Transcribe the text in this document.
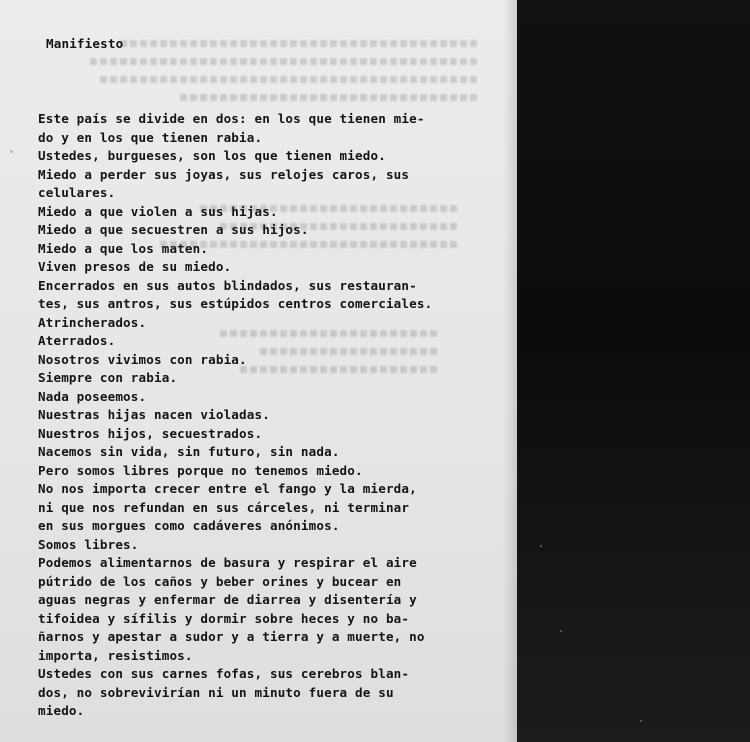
Manifiesto
Este país se divide en dos: en los que tienen mie-
do y en los que tienen rabia.
Ustedes, burgueses, son los que tienen miedo.
Miedo a perder sus joyas, sus relojes caros, sus
celulares.
Miedo a que violen a sus hijas.
Miedo a que secuestren a sus hijos.
Miedo a que los maten.
Viven presos de su miedo.
Encerrados en sus autos blindados, sus restauran-
tes, sus antros, sus estúpidos centros comerciales.
Atrincherados.
Aterrados.
Nosotros vivimos con rabia.
Siempre con rabia.
Nada poseemos.
Nuestras hijas nacen violadas.
Nuestros hijos, secuestrados.
Nacemos sin vida, sin futuro, sin nada.
Pero somos libres porque no tenemos miedo.
No nos importa crecer entre el fango y la mierda,
ni que nos refundan en sus cárceles, ni terminar
en sus morgues como cadáveres anónimos.
Somos libres.
Podemos alimentarnos de basura y respirar el aire
pútrido de los caños y beber orines y bucear en
aguas negras y enfermar de diarrea y disentería y
tifoidea y sífilis y dormir sobre heces y no ba-
ñarnos y apestar a sudor y a tierra y a muerte, no
importa, resistimos.
Ustedes con sus carnes fofas, sus cerebros blan-
dos, no sobrevivirían ni un minuto fuera de su
miedo.
